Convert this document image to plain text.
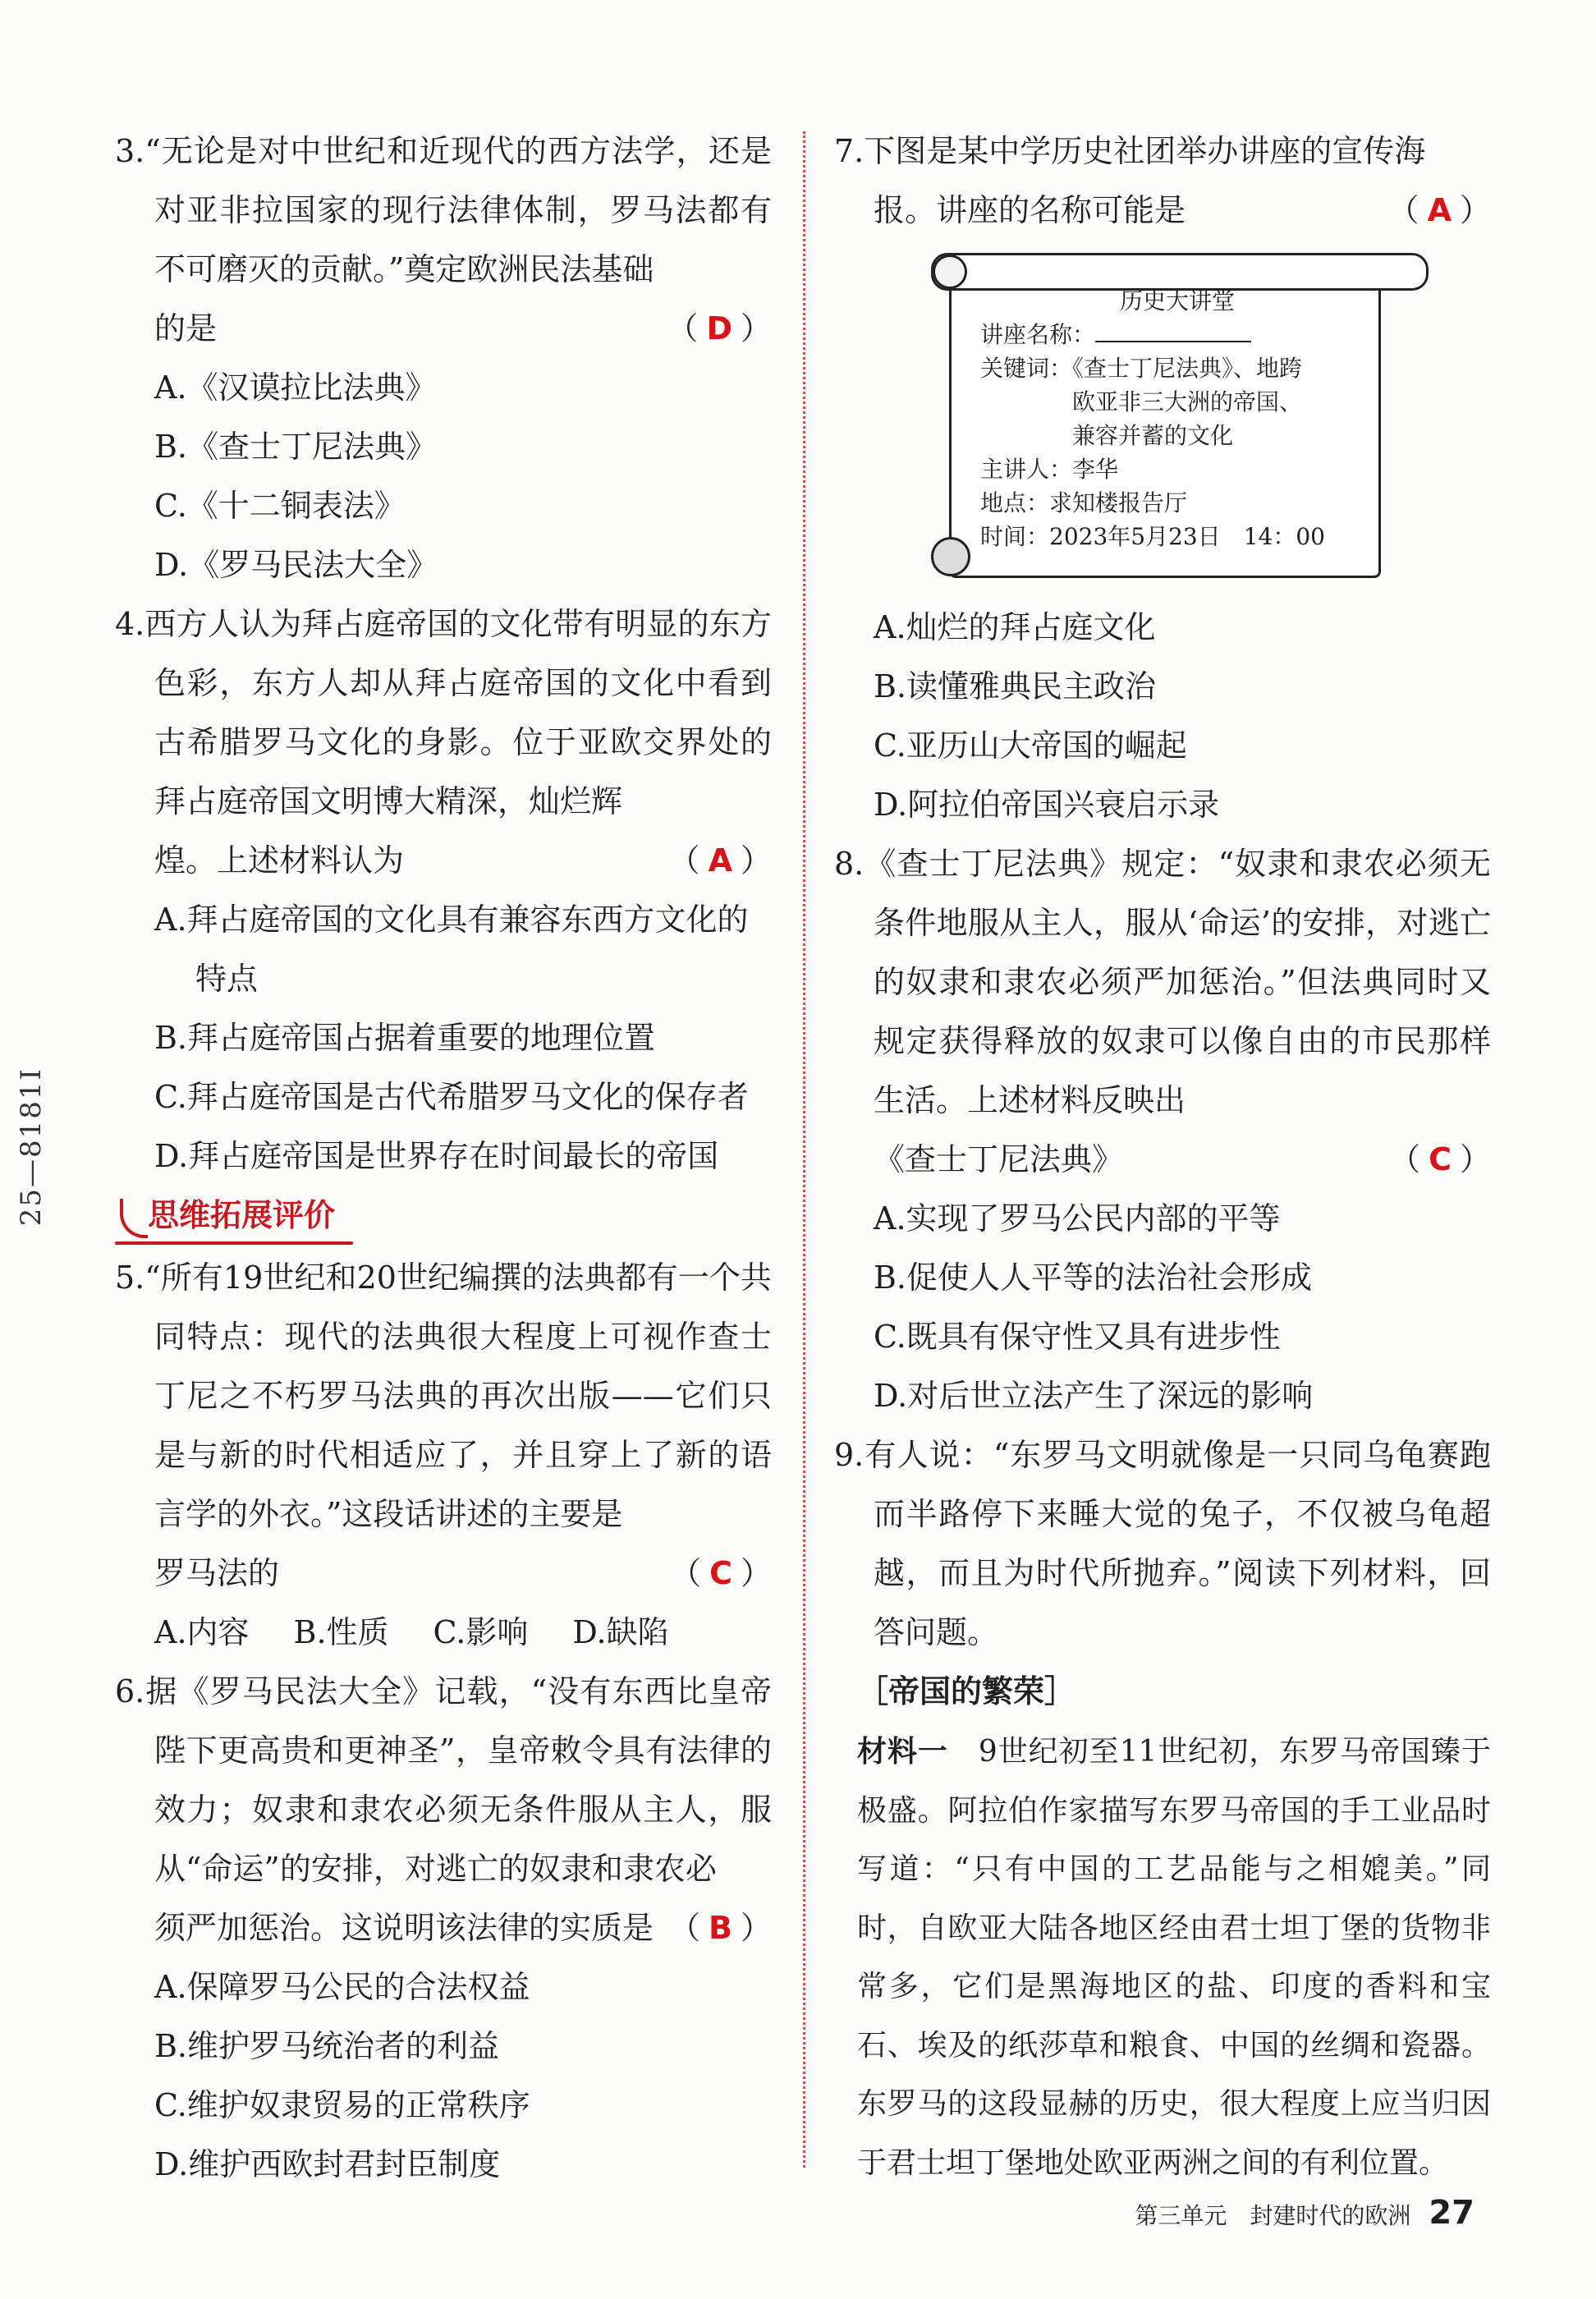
25—8181I

3.“无论是对中世纪和近现代的西方法学，还是对亚非拉国家的现行法律体制，罗马法都有不可磨灭的贡献。”奠定欧洲民法基础

的是	（ D ）

A.《汉谟拉比法典》

B.《查士丁尼法典》

C.《十二铜表法》

D.《罗马民法大全》

4.西方人认为拜占庭帝国的文化带有明显的东方色彩，东方人却从拜占庭帝国的文化中看到古希腊罗马文化的身影。位于亚欧交界处的拜占庭帝国文明博大精深，灿烂辉

煌。上述材料认为	（ A ）

A.拜占庭帝国的文化具有兼容东西方文化的特点

B.拜占庭帝国占据着重要的地理位置

C.拜占庭帝国是古代希腊罗马文化的保存者

D.拜占庭帝国是世界存在时间最长的帝国

思维拓展评价

5.“所有19世纪和20世纪编撰的法典都有一个共同特点：现代的法典很大程度上可视作查士丁尼之不朽罗马法典的再次出版——它们只是与新的时代相适应了，并且穿上了新的语言学的外衣。”这段话讲述的主要是

罗马法的	（ C ）
A.内容 B.性质 C.影响 D.缺陷

6.据《罗马民法大全》记载，“没有东西比皇帝陛下更高贵和更神圣”，皇帝敕令具有法律的效力；奴隶和隶农必须无条件服从主人，服从“命运”的安排，对逃亡的奴隶和隶农必

须严加惩治。这说明该法律的实质是 （ B ）

A.保障罗马公民的合法权益

B.维护罗马统治者的利益

C.维护奴隶贸易的正常秩序

D.维护西欧封君封臣制度

7.下图是某中学历史社团举办讲座的宣传海

报。讲座的名称可能是	（ A ）
历史大讲堂
讲座名称：
关键词：《查士丁尼法典》、地跨
欧亚非三大洲的帝国、
兼容并蓄的文化
主讲人：李华
地点：求知楼报告厅
时间：2023年5月23日　14：00

A.灿烂的拜占庭文化

B.读懂雅典民主政治

C.亚历山大帝国的崛起

D.阿拉伯帝国兴衰启示录

8.《查士丁尼法典》规定：“奴隶和隶农必须无条件地服从主人，服从‘命运’的安排，对逃亡的奴隶和隶农必须严加惩治。”但法典同时又规定获得释放的奴隶可以像自由的市民那样生活。上述材料反映出

《查士丁尼法典》	（ C ）

A.实现了罗马公民内部的平等

B.促使人人平等的法治社会形成

C.既具有保守性又具有进步性

D.对后世立法产生了深远的影响

9.有人说：“东罗马文明就像是一只同乌龟赛跑而半路停下来睡大觉的兔子，不仅被乌龟超越，而且为时代所抛弃。”阅读下列材料，回答问题。

［帝国的繁荣］

材料一　9世纪初至11世纪初，东罗马帝国臻于极盛。阿拉伯作家描写东罗马帝国的手工业品时写道：“只有中国的工艺品能与之相媲美。”同时，自欧亚大陆各地区经由君士坦丁堡的货物非常多，它们是黑海地区的盐、印度的香料和宝石、埃及的纸莎草和粮食、中国的丝绸和瓷器。东罗马的这段显赫的历史，很大程度上应当归因于君士坦丁堡地处欧亚两洲之间的有利位置。

第三单元　封建时代的欧洲 27
